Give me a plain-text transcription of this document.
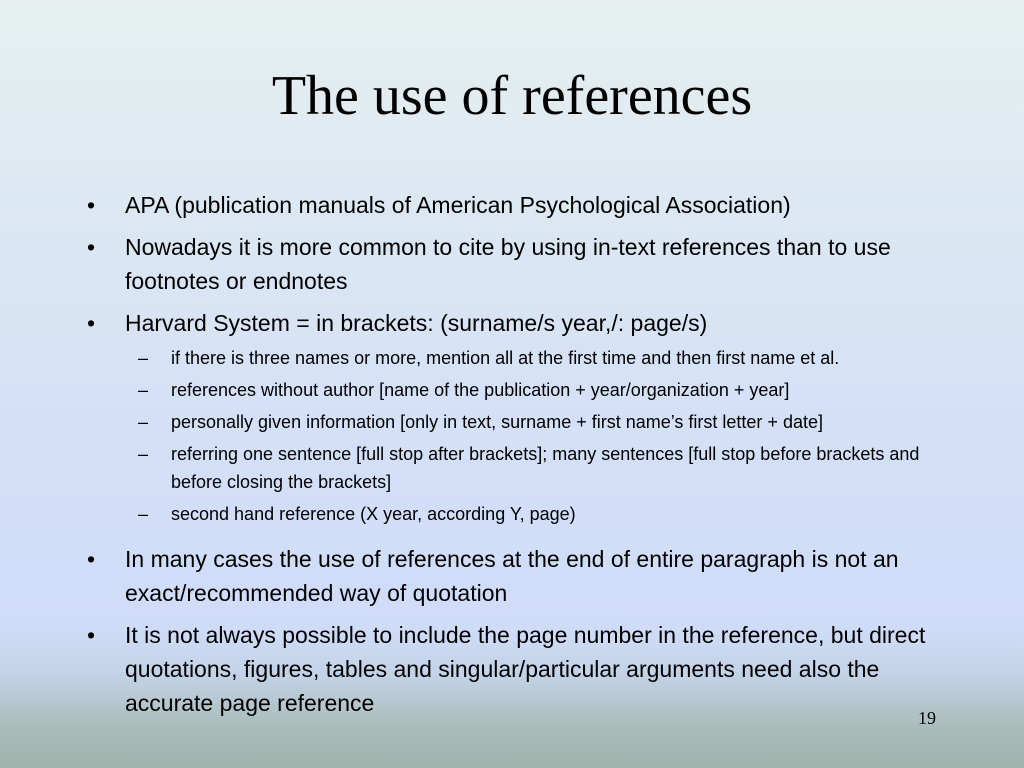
The use of references
• APA (publication manuals of American Psychological Association)
• Nowadays it is more common to cite by using in-text references than to use footnotes or endnotes
• Harvard System = in brackets: (surname/s year,/: page/s)
– if there is three names or more, mention all at the first time and then first name et al.
– references without author [name of the publication + year/organization + year]
– personally given information [only in text, surname + first name’s first letter + date]
– referring one sentence [full stop after brackets]; many sentences [full stop before brackets and before closing the brackets]
– second hand reference (X year, according Y, page)
• In many cases the use of references at the end of entire paragraph is not an exact/recommended way of quotation
• It is not always possible to include the page number in the reference, but direct quotations, figures, tables and singular/particular arguments need also the accurate page reference
19
